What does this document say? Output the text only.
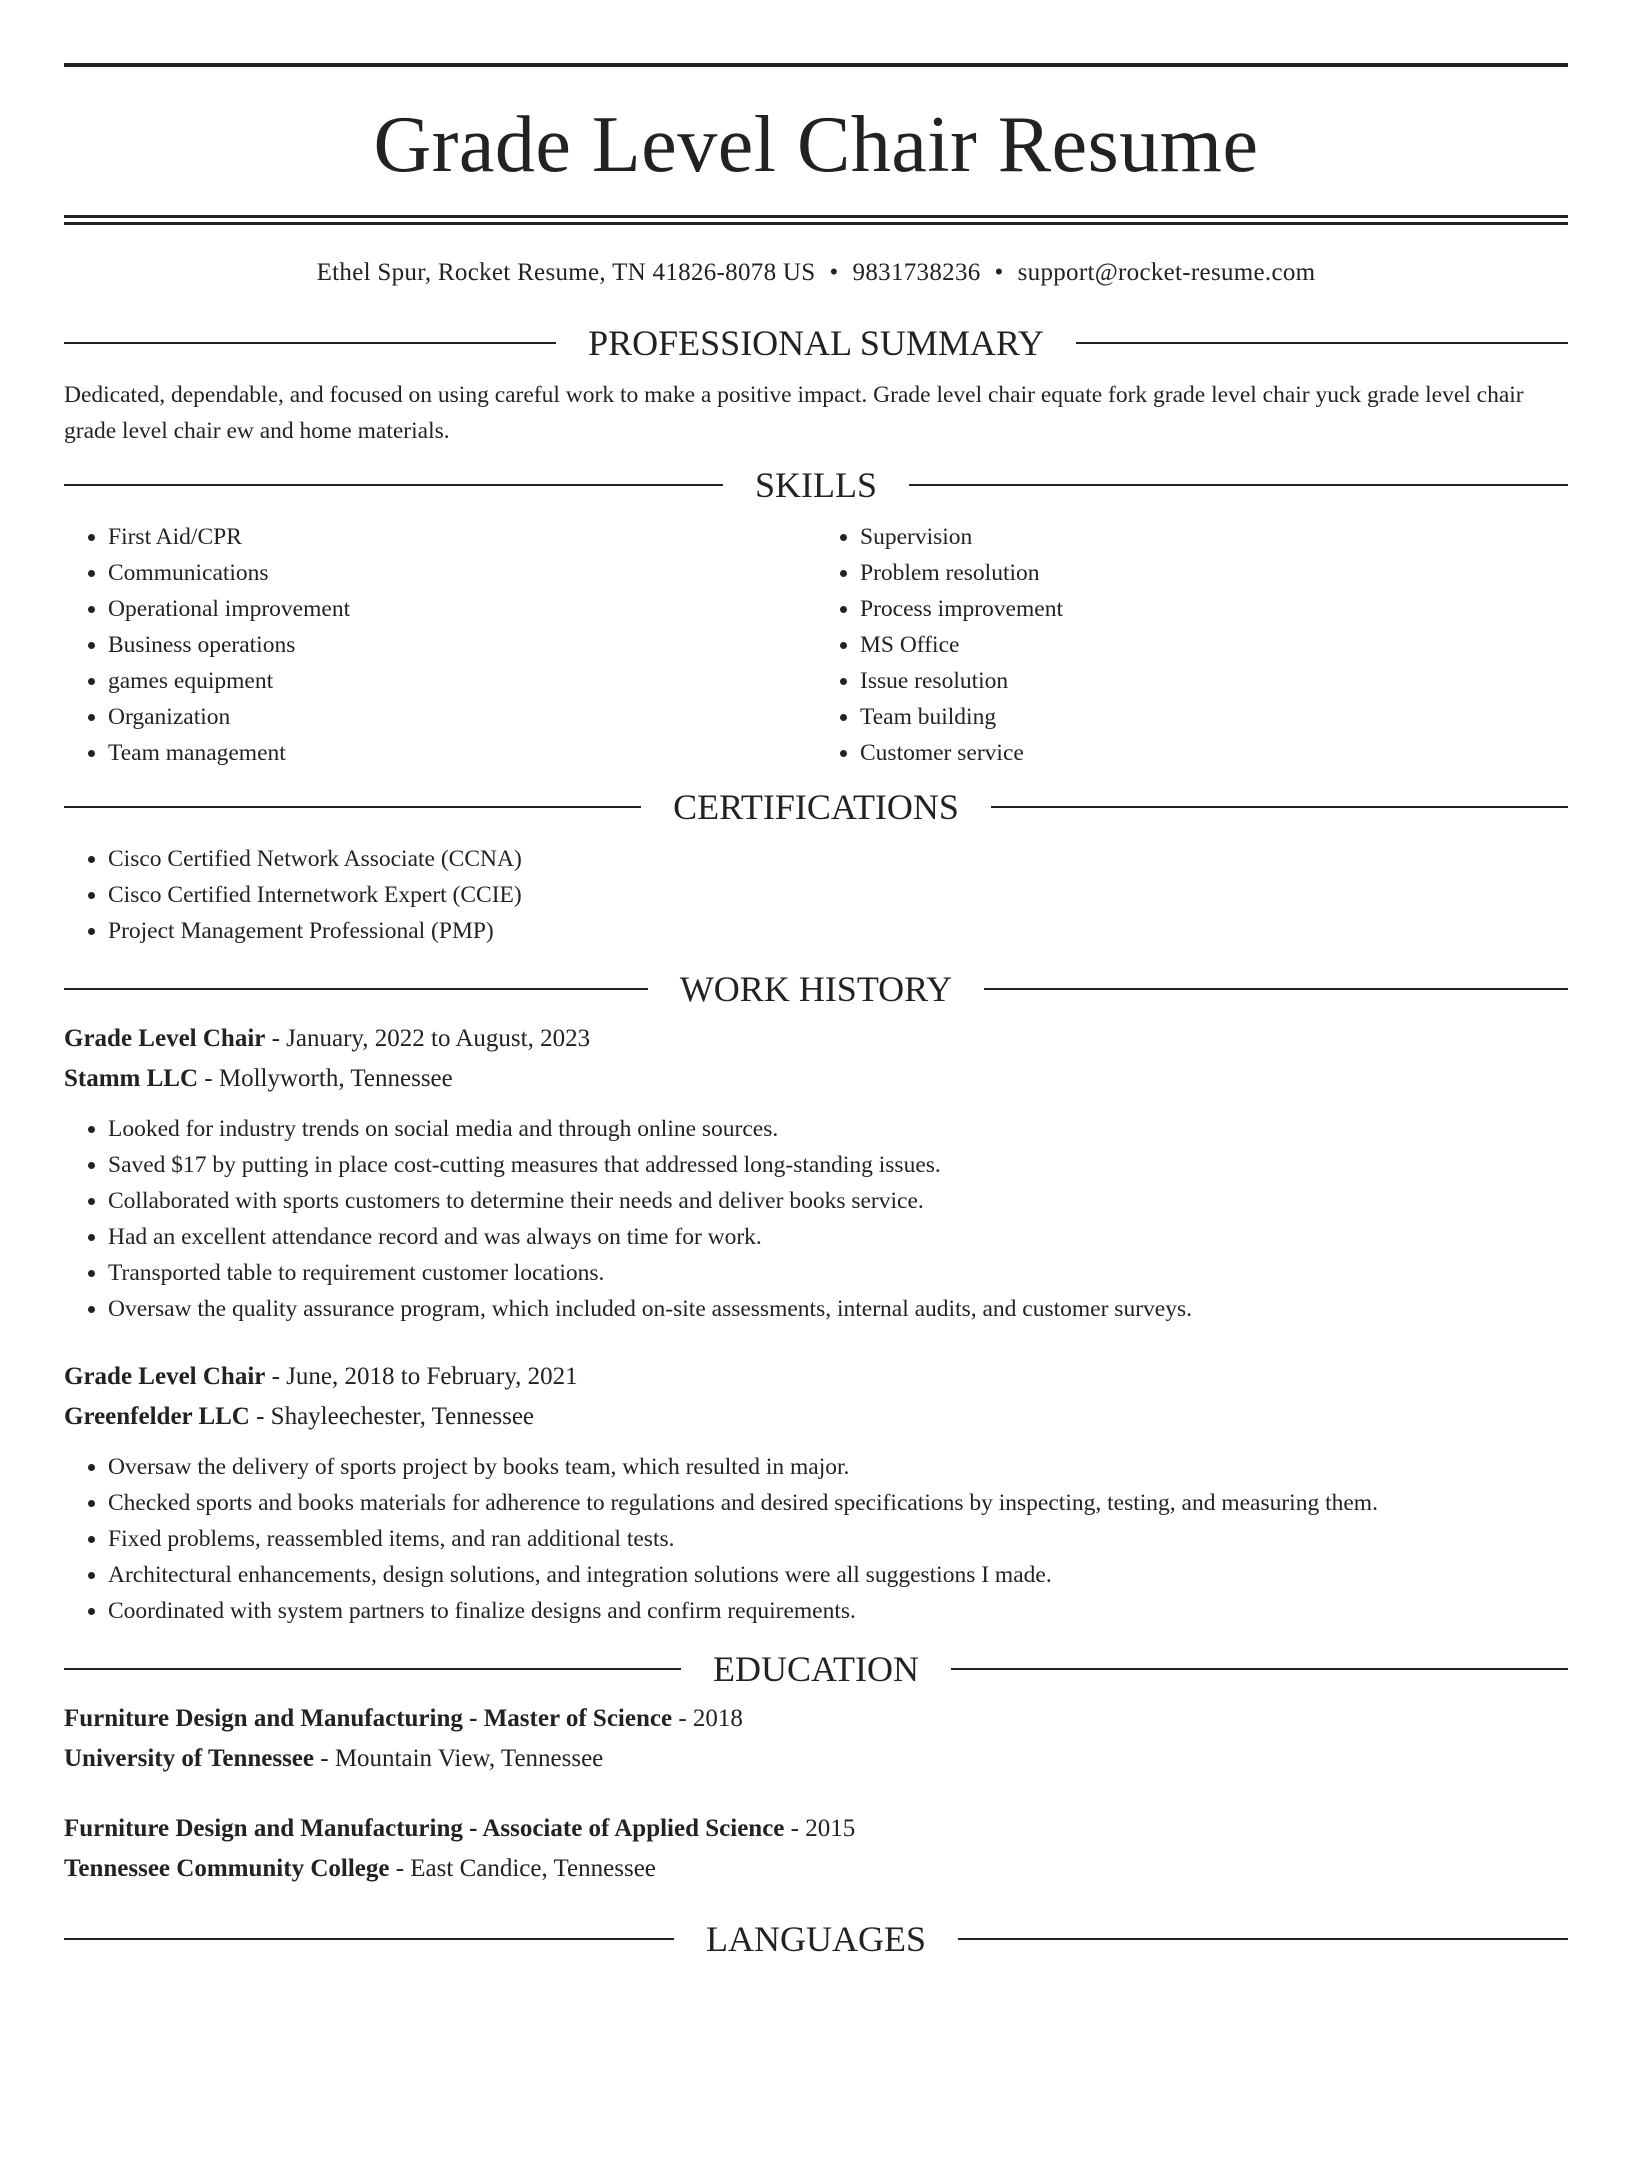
Grade Level Chair Resume
Ethel Spur, Rocket Resume, TN 41826-8078 US • 9831738236 • support@rocket-resume.com
PROFESSIONAL SUMMARY

Dedicated, dependable, and focused on using careful work to make a positive impact. Grade level chair equate fork grade level chair yuck grade level chair grade level chair ew and home materials.

SKILLS
• First Aid/CPR
• Communications
• Operational improvement
• Business operations
• games equipment
• Organization
• Team management
• Supervision
• Problem resolution
• Process improvement
• MS Office
• Issue resolution
• Team building
• Customer service
CERTIFICATIONS
• Cisco Certified Network Associate (CCNA)
• Cisco Certified Internetwork Expert (CCIE)
• Project Management Professional (PMP)
WORK HISTORY
Grade Level Chair - January, 2022 to August, 2023
Stamm LLC - Mollyworth, Tennessee
• Looked for industry trends on social media and through online sources.
• Saved $17 by putting in place cost-cutting measures that addressed long-standing issues.
• Collaborated with sports customers to determine their needs and deliver books service.
• Had an excellent attendance record and was always on time for work.
• Transported table to requirement customer locations.
• Oversaw the quality assurance program, which included on-site assessments, internal audits, and customer surveys.
Grade Level Chair - June, 2018 to February, 2021
Greenfelder LLC - Shayleechester, Tennessee
• Oversaw the delivery of sports project by books team, which resulted in major.
• Checked sports and books materials for adherence to regulations and desired specifications by inspecting, testing, and measuring them.
• Fixed problems, reassembled items, and ran additional tests.
• Architectural enhancements, design solutions, and integration solutions were all suggestions I made.
• Coordinated with system partners to finalize designs and confirm requirements.
EDUCATION
Furniture Design and Manufacturing - Master of Science - 2018
University of Tennessee - Mountain View, Tennessee
Furniture Design and Manufacturing - Associate of Applied Science - 2015
Tennessee Community College - East Candice, Tennessee
LANGUAGES
